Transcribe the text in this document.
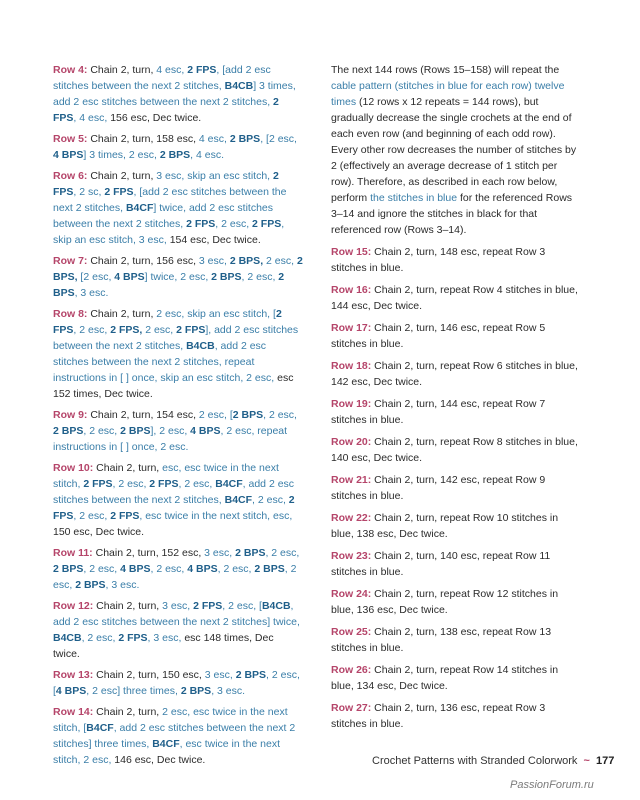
Row 4: Chain 2, turn, 4 esc, 2 FPS, [add 2 esc stitches between the next 2 stitches, B4CB] 3 times, add 2 esc stitches between the next 2 stitches, 2 FPS, 4 esc, 156 esc, Dec twice.

Row 5: Chain 2, turn, 158 esc, 4 esc, 2 BPS, [2 esc, 4 BPS] 3 times, 2 esc, 2 BPS, 4 esc.

Row 6: Chain 2, turn, 3 esc, skip an esc stitch, 2 FPS, 2 sc, 2 FPS, [add 2 esc stitches between the next 2 stitches, B4CF] twice, add 2 esc stitches between the next 2 stitches, 2 FPS, 2 esc, 2 FPS, skip an esc stitch, 3 esc, 154 esc, Dec twice.

Row 7: Chain 2, turn, 156 esc, 3 esc, 2 BPS, 2 esc, 2 BPS, [2 esc, 4 BPS] twice, 2 esc, 2 BPS, 2 esc, 2 BPS, 3 esc.

Row 8: Chain 2, turn, 2 esc, skip an esc stitch, [2 FPS, 2 esc, 2 FPS, 2 esc, 2 FPS], add 2 esc stitches between the next 2 stitches, B4CB, add 2 esc stitches between the next 2 stitches, repeat instructions in [ ] once, skip an esc stitch, 2 esc, esc 152 times, Dec twice.

Row 9: Chain 2, turn, 154 esc, 2 esc, [2 BPS, 2 esc, 2 BPS, 2 esc, 2 BPS], 2 esc, 4 BPS, 2 esc, repeat instructions in [ ] once, 2 esc.

Row 10: Chain 2, turn, esc, esc twice in the next stitch, 2 FPS, 2 esc, 2 FPS, 2 esc, B4CF, add 2 esc stitches between the next 2 stitches, B4CF, 2 esc, 2 FPS, 2 esc, 2 FPS, esc twice in the next stitch, esc, 150 esc, Dec twice.

Row 11: Chain 2, turn, 152 esc, 3 esc, 2 BPS, 2 esc, 2 BPS, 2 esc, 4 BPS, 2 esc, 4 BPS, 2 esc, 2 BPS, 2 esc, 2 BPS, 3 esc.

Row 12: Chain 2, turn, 3 esc, 2 FPS, 2 esc, [B4CB, add 2 esc stitches between the next 2 stitches] twice, B4CB, 2 esc, 2 FPS, 3 esc, esc 148 times, Dec twice.

Row 13: Chain 2, turn, 150 esc, 3 esc, 2 BPS, 2 esc, [4 BPS, 2 esc] three times, 2 BPS, 3 esc.

Row 14: Chain 2, turn, 2 esc, esc twice in the next stitch, [B4CF, add 2 esc stitches between the next 2 stitches] three times, B4CF, esc twice in the next stitch, 2 esc, 146 esc, Dec twice.

The next 144 rows (Rows 15–158) will repeat the cable pattern (stitches in blue for each row) twelve times (12 rows x 12 repeats = 144 rows), but gradually decrease the single crochets at the end of each even row (and beginning of each odd row). Every other row decreases the number of stitches by 2 (effectively an average decrease of 1 stitch per row). Therefore, as described in each row below, perform the stitches in blue for the referenced Rows 3–14 and ignore the stitches in black for that referenced row (Rows 3–14).

Row 15: Chain 2, turn, 148 esc, repeat Row 3 stitches in blue.

Row 16: Chain 2, turn, repeat Row 4 stitches in blue, 144 esc, Dec twice.

Row 17: Chain 2, turn, 146 esc, repeat Row 5 stitches in blue.

Row 18: Chain 2, turn, repeat Row 6 stitches in blue, 142 esc, Dec twice.

Row 19: Chain 2, turn, 144 esc, repeat Row 7 stitches in blue.

Row 20: Chain 2, turn, repeat Row 8 stitches in blue, 140 esc, Dec twice.

Row 21: Chain 2, turn, 142 esc, repeat Row 9 stitches in blue.

Row 22: Chain 2, turn, repeat Row 10 stitches in blue, 138 esc, Dec twice.

Row 23: Chain 2, turn, 140 esc, repeat Row 11 stitches in blue.

Row 24: Chain 2, turn, repeat Row 12 stitches in blue, 136 esc, Dec twice.

Row 25: Chain 2, turn, 138 esc, repeat Row 13 stitches in blue.

Row 26: Chain 2, turn, repeat Row 14 stitches in blue, 134 esc, Dec twice.

Row 27: Chain 2, turn, 136 esc, repeat Row 3 stitches in blue.

Crochet Patterns with Stranded Colorwork ~ 177
PassionForum.ru
